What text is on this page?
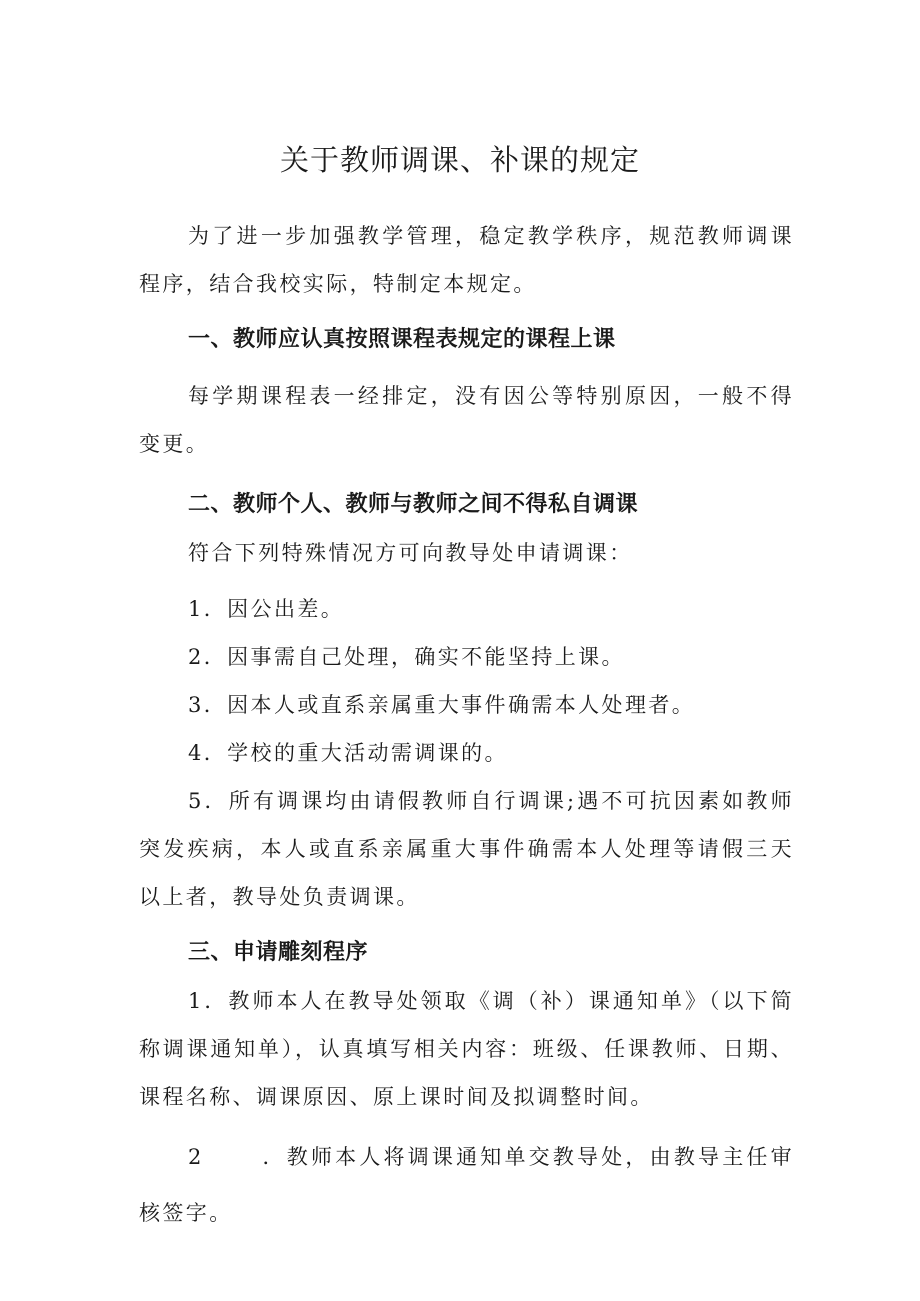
关于教师调课、补课的规定

为了进一步加强教学管理，稳定教学秩序，规范教师调课程序，结合我校实际，特制定本规定。

一、教师应认真按照课程表规定的课程上课

每学期课程表一经排定，没有因公等特别原因，一般不得变更。

二、教师个人、教师与教师之间不得私自调课

符合下列特殊情况方可向教导处申请调课：

1．因公出差。

2．因事需自己处理，确实不能坚持上课。

3．因本人或直系亲属重大事件确需本人处理者。

4．学校的重大活动需调课的。

5．所有调课均由请假教师自行调课;遇不可抗因素如教师突发疾病，本人或直系亲属重大事件确需本人处理等请假三天以上者，教导处负责调课。

三、申请雕刻程序

1．教师本人在教导处领取《调（补）课通知单》（以下简称调课通知单），认真填写相关内容：班级、任课教师、日期、课程名称、调课原因、原上课时间及拟调整时间。

2	．教师本人将调课通知单交教导处，由教导主任审核签字。
